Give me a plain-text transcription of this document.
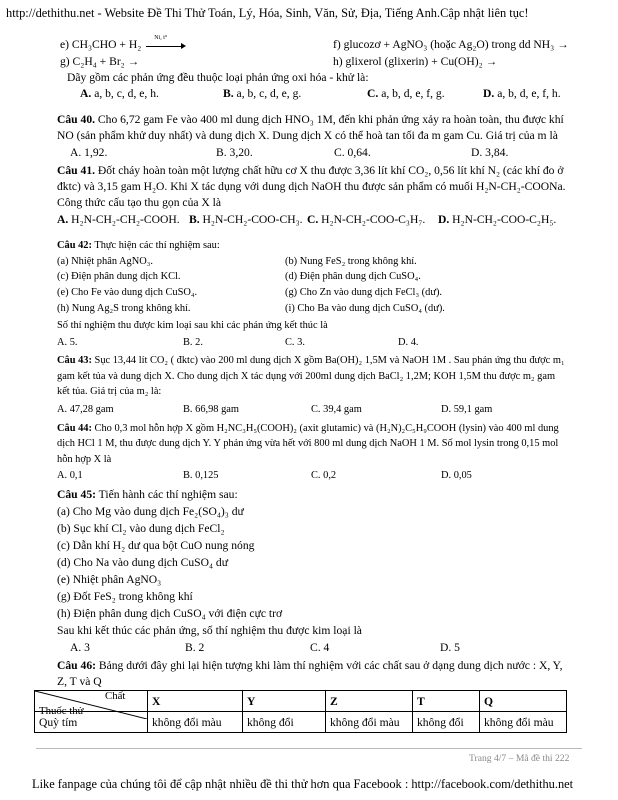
http://dethithu.net - Website Đề Thi Thử Toán, Lý, Hóa, Sinh, Văn, Sử, Địa, Tiếng Anh.Cập nhật liên tục!
e) CH₃CHO + H₂ Ni, t°	f) glucozơ + AgNO₃ (hoặc Ag₂O) trong dd NH₃ →
g) C₂H₄ + Br₂ →	h) glixerol (glixerin) + Cu(OH)₂ →
Dãy gồm các phản ứng đều thuộc loại phản ứng oxi hóa - khử là:
A. a, b, c, d, e, h.	B. a, b, c, d, e, g.	C. a, b, d, e, f, g.	D. a, b, d, e, f, h.
Câu 40. Cho 6,72 gam Fe vào 400 ml dung dịch HNO₃ 1M, đến khi phản ứng xảy ra hoàn toàn, thu được khí
NO (sản phẩm khử duy nhất) và dung dịch X. Dung dịch X có thể hoà tan tối đa m gam Cu. Giá trị của m là
A. 1,92.	B. 3,20.	C. 0,64.	D. 3,84.
Câu 41. Đốt cháy hoàn toàn một lượng chất hữu cơ X thu được 3,36 lít khí CO₂, 0,56 lít khí N₂ (các khí đo ở
đktc) và 3,15 gam H₂O. Khi X tác dụng với dung dịch NaOH thu được sản phẩm có muối H₂N-CH₂-COONa.
Công thức cấu tạo thu gọn của X là
A. H₂N-CH₂-CH₂-COOH. B. H₂N-CH₂-COO-CH₃. C. H₂N-CH₂-COO-C₃H₇. D. H₂N-CH₂-COO-C₂H₅.
Câu 42: Thực hiện các thí nghiệm sau:
(a) Nhiệt phân AgNO₃.
(c) Điện phân dung dịch KCl.
(e) Cho Fe vào dung dịch CuSO₄.
(h) Nung Ag₂S trong không khí.
(b) Nung FeS₂ trong không khí.
(d) Điện phân dung dịch CuSO₄.
(g) Cho Zn vào dung dịch FeCl₃ (dư).
(i) Cho Ba vào dung dịch CuSO₄ (dư).
Số thí nghiệm thu được kim loại sau khi các phản ứng kết thúc là
A. 5.	B. 2.	C. 3.	D. 4.
Câu 43: Sục 13,44 lít CO₂ ( đktc) vào 200 ml dung dịch X gồm Ba(OH)₂ 1,5M và NaOH 1M . Sau phản ứng thu được m₁
gam kết tủa và dung dịch X. Cho dung dịch X tác dụng với 200ml dung dịch BaCl₂ 1,2M; KOH 1,5M thu được m₂ gam
kết tủa. Giá trị của m₂ là:
A. 47,28 gam	B. 66,98 gam	C. 39,4 gam	D. 59,1 gam
Câu 44: Cho 0,3 mol hỗn hợp X gồm H₂NC₃H₅(COOH)₂ (axit glutamic) và (H₂N)₂C₅H₉COOH (lysin) vào 400 ml dung
dịch HCl 1 M, thu được dung dịch Y. Y phản ứng vừa hết với 800 ml dung dịch NaOH 1 M. Số mol lysin trong 0,15 mol
hỗn hợp X là
A. 0,1	B. 0,125	C. 0,2	D. 0,05
Câu 45: Tiến hành các thí nghiệm sau:
(a) Cho Mg vào dung dịch Fe₂(SO₄)₃ dư
(b) Sục khí Cl₂ vào dung dịch FeCl₂
(c) Dẫn khí H₂ dư qua bột CuO nung nóng
(d) Cho Na vào dung dịch CuSO₄ dư
(e) Nhiệt phân AgNO₃
(g) Đốt FeS₂ trong không khí
(h) Điện phân dung dịch CuSO₄ với điện cực trơ
Sau khi kết thúc các phản ứng, số thí nghiệm thu được kim loại là
A. 3	B. 2	C. 4	D. 5
Câu 46: Bảng dưới đây ghi lại hiện tượng khi làm thí nghiệm với các chất sau ở dạng dung dịch nước : X, Y,
Z, T và Q
Chất
Thuốc thử	X	Y	Z	T	Q
Quỳ tím	không đổi màu	không đổi	không đổi màu	không đổi	không đổi màu
Trang 4/7 – Mã đề thi 222
Like fanpage của chúng tôi để cập nhật nhiều đề thi thử hơn qua Facebook : http://facebook.com/dethithu.net
